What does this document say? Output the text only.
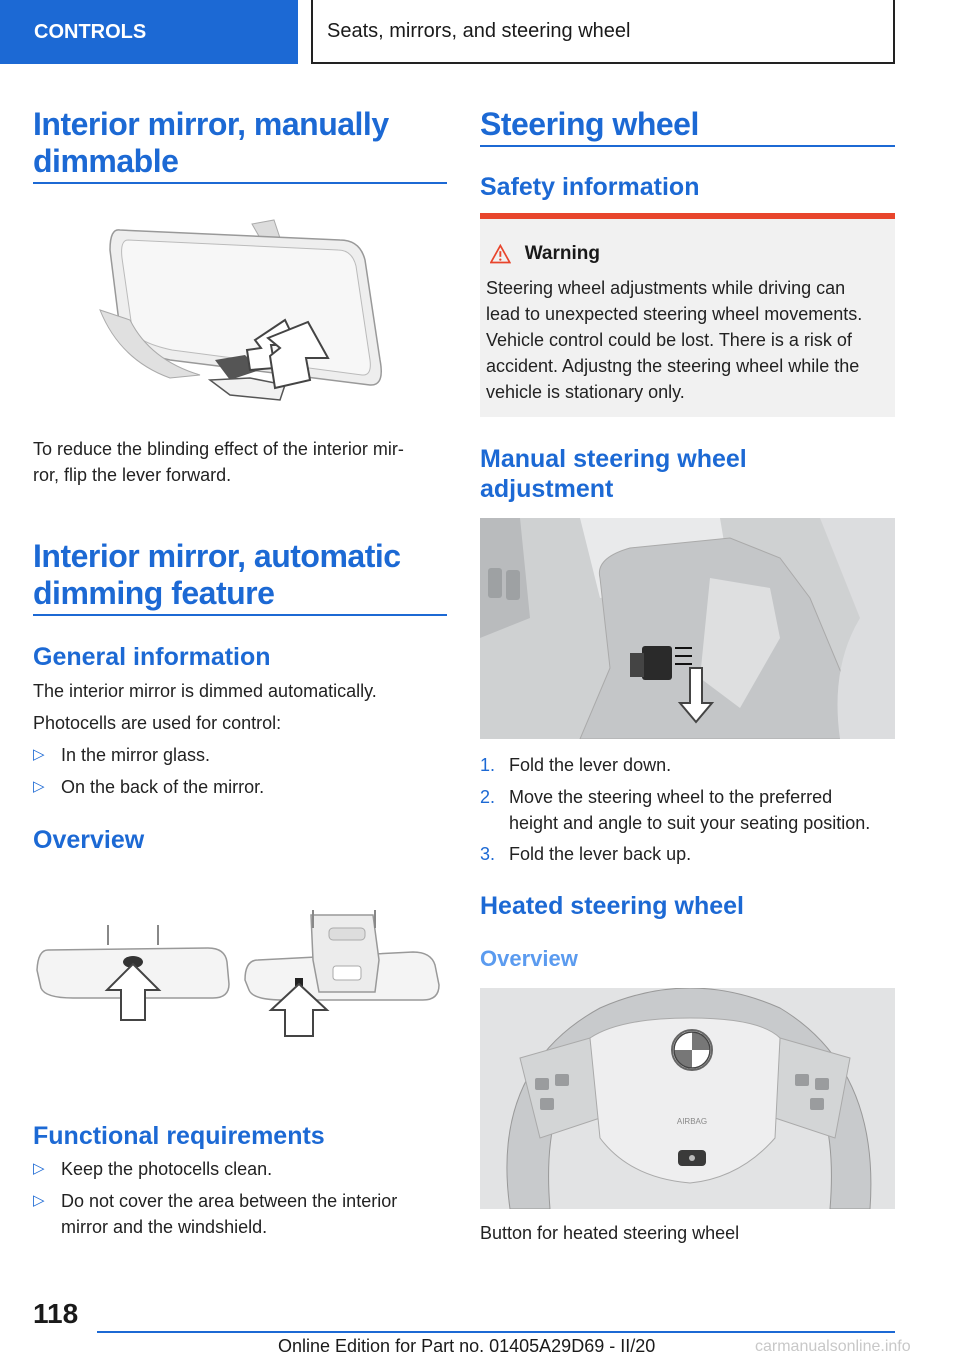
CONTROLS	Seats, mirrors, and steering wheel
Interior mirror, manually
dimmable
To reduce the blinding effect of the interior mir‐
ror, flip the lever forward.
Interior mirror, automatic
dimming feature
General information
The interior mirror is dimmed automatically.
Photocells are used for control:
▷ In the mirror glass.
▷ On the back of the mirror.
Overview
Functional requirements
▷ Keep the photocells clean.
▷ Do not cover the area between the interior
mirror and the windshield.
Steering wheel
Safety information
Warning
Steering wheel adjustments while driving can
lead to unexpected steering wheel movements.
Vehicle control could be lost. There is a risk of
accident. Adjustng the steering wheel while the
vehicle is stationary only.
Manual steering wheel
adjustment
1. Fold the lever down.
2. Move the steering wheel to the preferred
height and angle to suit your seating position.
3. Fold the lever back up.
Heated steering wheel
Overview
AIRBAG
Button for heated steering wheel
118
Online Edition for Part no. 01405A29D69 - II/20	carmanualsonline.info
